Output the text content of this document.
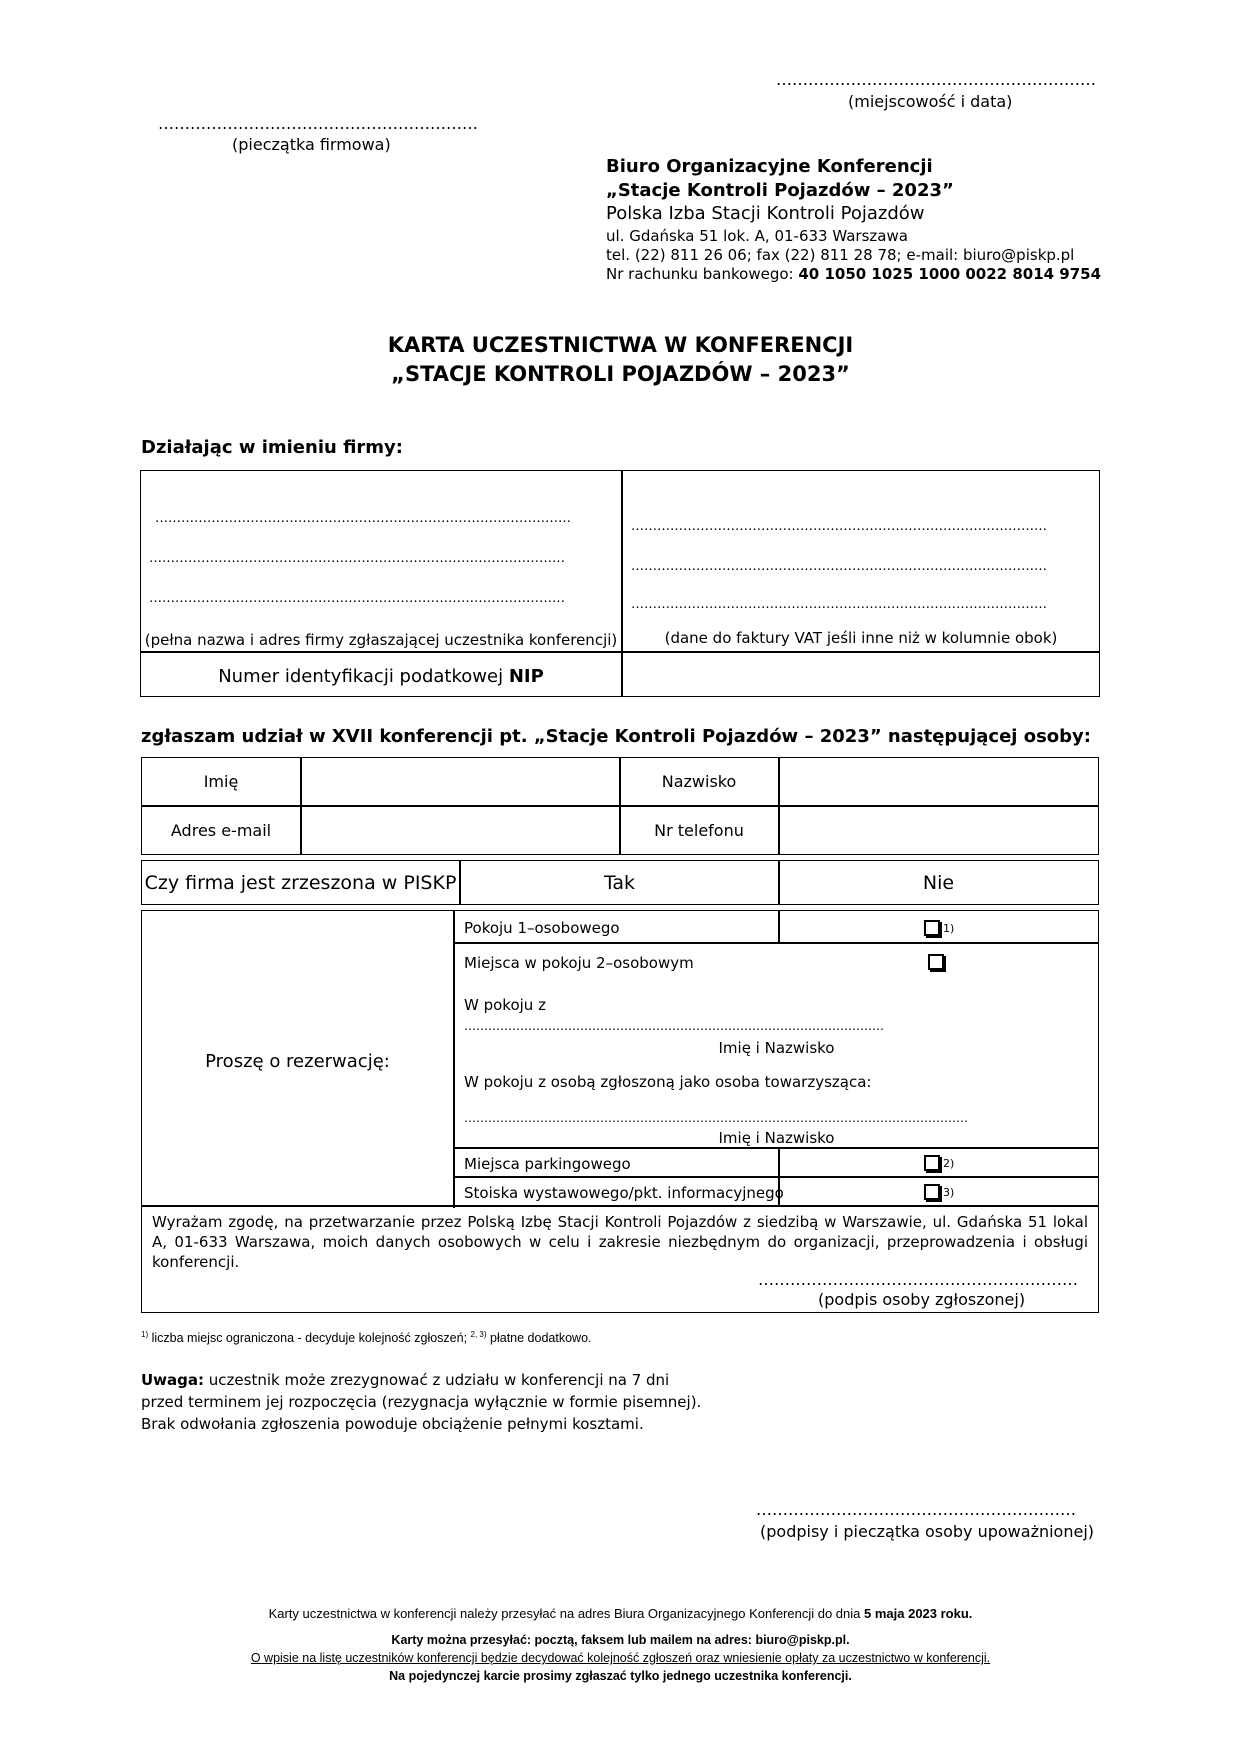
……………………………………………………
(miejscowość i data)
……………………………………………………
(pieczątka firmowa)
Biuro Organizacyjne Konferencji
„Stacje Kontroli Pojazdów – 2023”
Polska Izba Stacji Kontroli Pojazdów
ul. Gdańska 51 lok. A, 01-633 Warszawa
tel. (22) 811 26 06; fax (22) 811 28 78; e-mail: biuro@piskp.pl
Nr rachunku bankowego: 40 1050 1025 1000 0022 8014 9754
KARTA UCZESTNICTWA W KONFERENCJI
„STACJE KONTROLI POJAZDÓW – 2023”
Działając w imieniu firmy:
……………………………………………………………………………………
……………………………………………………………………………………
……………………………………………………………………………………
(pełna nazwa i adres firmy zgłaszającej uczestnika konferencji)
……………………………………………………………………………………
……………………………………………………………………………………
……………………………………………………………………………………
(dane do faktury VAT jeśli inne niż w kolumnie obok)
Numer identyfikacji podatkowej NIP
zgłaszam udział w XVII konferencji pt. „Stacje Kontroli Pojazdów – 2023” następującej osoby:
Imię	Nazwisko
Adres e-mail	Nr telefonu
Czy firma jest zrzeszona w PISKP	Tak	Nie
Proszę o rezerwację:
Pokoju 1–osobowego	1)
Miejsca w pokoju 2–osobowym
W pokoju z
……………………………………………………………………………………………
Imię i Nazwisko
W pokoju z osobą zgłoszoną jako osoba towarzysząca:
………………………………………………………………………………………………………………
Imię i Nazwisko
Miejsca parkingowego	2)
Stoiska wystawowego/pkt. informacyjnego	3)
Wyrażam zgodę, na przetwarzanie przez Polską Izbę Stacji Kontroli Pojazdów z siedzibą w Warszawie, ul. Gdańska 51 lokal A, 01-633 Warszawa, moich danych osobowych w celu i zakresie niezbędnym do organizacji, przeprowadzenia i obsługi konferencji.
……………………………………………………
(podpis osoby zgłoszonej)
$^{1)}$ liczba miejsc ograniczona - decyduje kolejność zgłoszeń; $^{2, 3)}$ płatne dodatkowo.
Uwaga: uczestnik może zrezygnować z udziału w konferencji na 7 dni
przed terminem jej rozpoczęcia (rezygnacja wyłącznie w formie pisemnej).
Brak odwołania zgłoszenia powoduje obciążenie pełnymi kosztami.
……………………………………………………
(podpisy i pieczątka osoby upoważnionej)
Karty uczestnictwa w konferencji należy przesyłać na adres Biura Organizacyjnego Konferencji do dnia 5 maja 2023 roku.
Karty można przesyłać: pocztą, faksem lub mailem na adres: biuro@piskp.pl.
O wpisie na listę uczestników konferencji będzie decydować kolejność zgłoszeń oraz wniesienie opłaty za uczestnictwo w konferencji.
Na pojedynczej karcie prosimy zgłaszać tylko jednego uczestnika konferencji.
